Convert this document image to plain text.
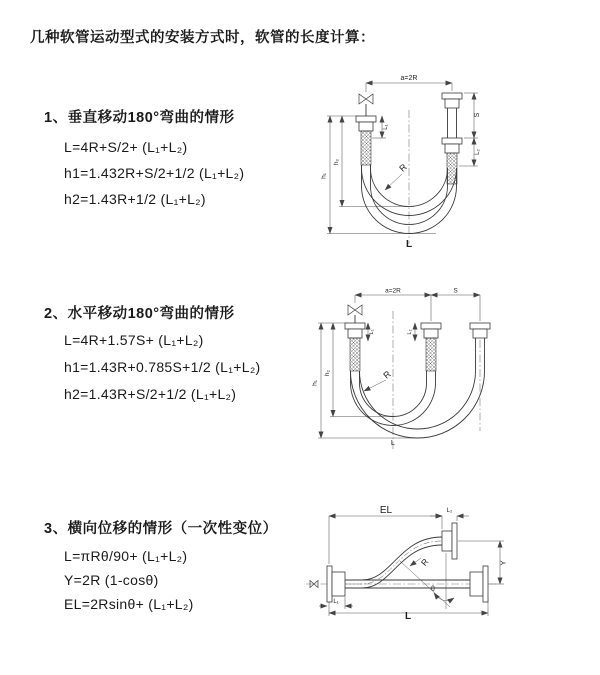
几种软管运动型式的安装方式时，软管的长度计算：
1、垂直移动180°弯曲的情形
L=4R+S/2+ (L₁+L₂)
h1=1.432R+S/2+1/2 (L₁+L₂)
h2=1.43R+1/2 (L₁+L₂)
2、水平移动180°弯曲的情形
L=4R+1.57S+ (L₁+L₂)
h1=1.43R+0.785S+1/2 (L₁+L₂)
h2=1.43R+S/2+1/2 (L₁+L₂)
3、横向位移的情形（一次性变位）
L=πRθ/90+ (L₁+L₂)
Y=2R (1-cosθ)
EL=2Rsinθ+ (L₁+L₂)
a=2R
h₁
h₂
L₁
S
L₂
R
L
a=2R	S
h₁
h₂
L₁	L₂
R
L
θ
EL	L₂
Y
L
L₁
R
